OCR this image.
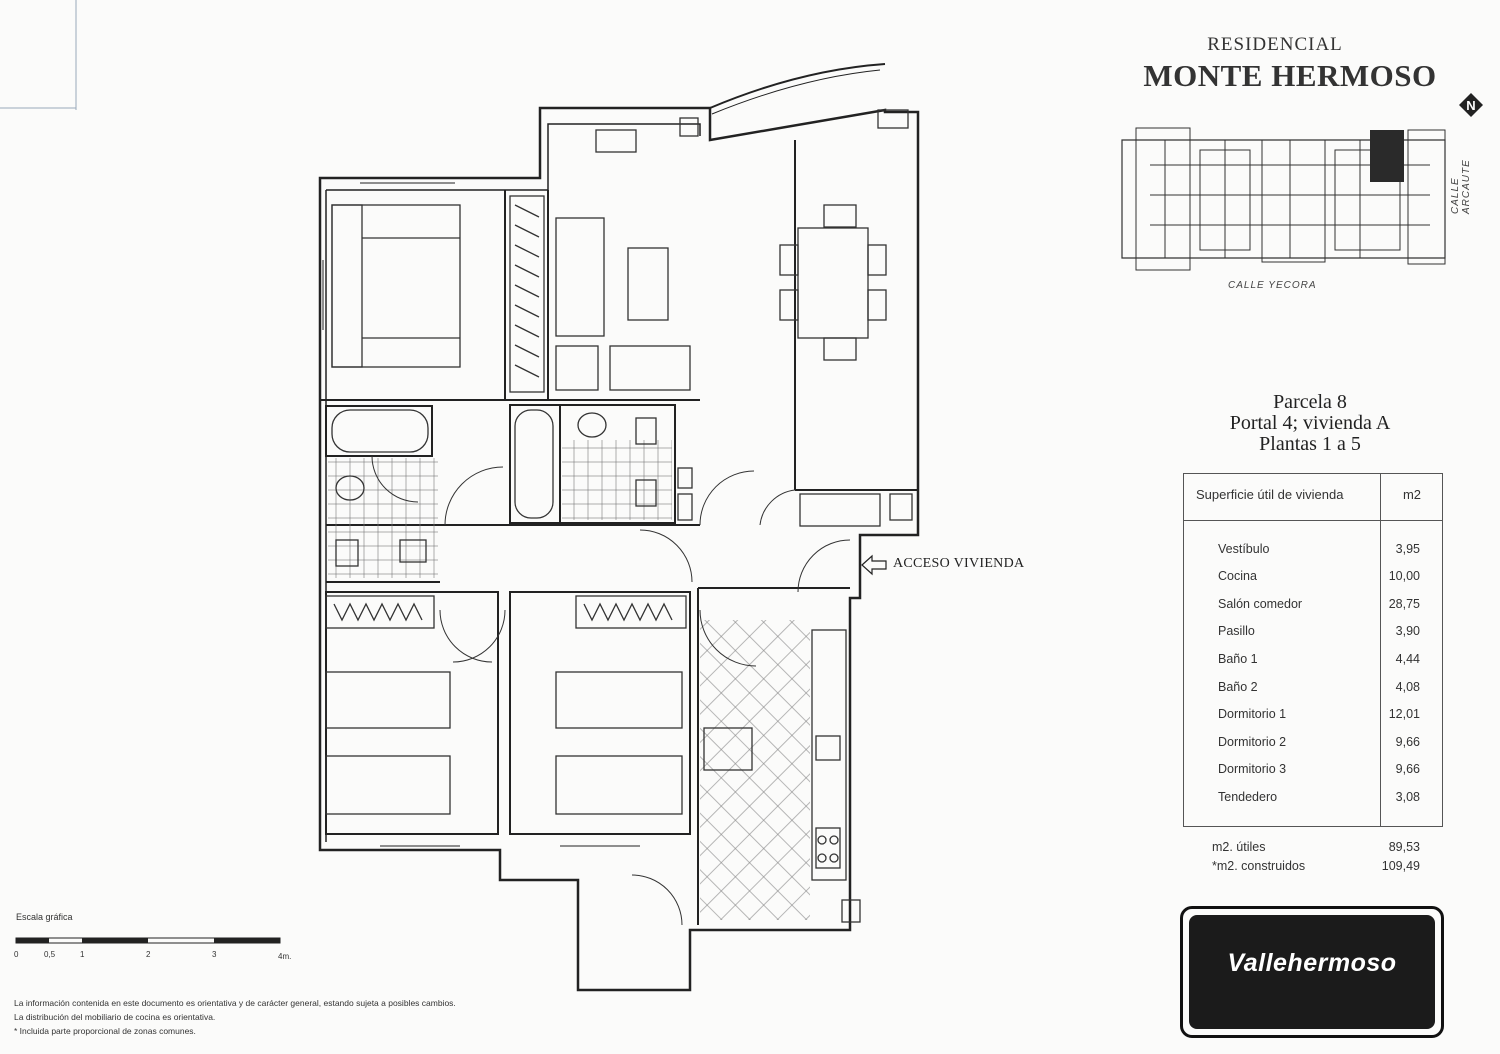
RESIDENCIAL
MONTE HERMOSO
N
CALLE YECORA
CALLE ARCAUTE
Parcela 8
Portal 4; vivienda A
Plantas 1 a 5
Superficie útil de vivienda	m2
Vestíbulo	3,95
Cocina	10,00
Salón comedor	28,75
Pasillo	3,90
Baño 1	4,44
Baño 2	4,08
Dormitorio 1	12,01
Dormitorio 2	9,66
Dormitorio 3	9,66
Tendedero	3,08
m2. útiles	89,53
*m2. construidos	109,49
ACCESO VIVIENDA
Vallehermoso
Escala gráfica
0	0,5	1	2	3	4m.
La información contenida en este documento es orientativa y de carácter general, estando sujeta a posibles cambios.
La distribución del mobiliario de cocina es orientativa.
* Incluida parte proporcional de zonas comunes.
